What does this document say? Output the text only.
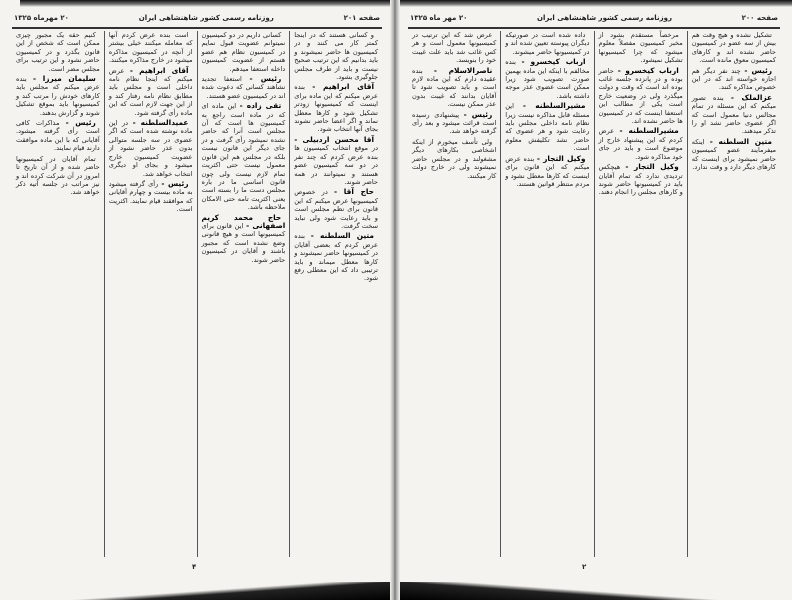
صفحه ۲۰۱
روزنامه رسمی کشور شاهنشاهی ایران
۲۰ مهرماه ۱۳۲۵

و کسانی هستند که در اینجا کمتر کار می کنند و در کمیسیون ها حاضر نمیشوند و باید بدانیم که این ترتیب صحیح نیست و باید از طرف مجلس جلوگیری بشود.

آقای ابراهیم - بنده عرض میکنم که این ماده برای اینست که کمیسیونها زودتر تشکیل شود و کارها معطل نماند و اگر اعضا حاضر نشوند بجای آنها انتخاب شود.

آقا محسن اردبیلی - در موقع انتخاب کمیسیون ها بنده عرض کردم که چند نفر در دو سه کمیسیون عضو هستند و نمیتوانند در همه حاضر شوند.

حاج آقا - در خصوص کمیسیونها عرض میکنم که این قانون برای نظم مجلس است و باید رعایت شود ولی نباید سخت گرفت.

متین السلطنه - بنده عرض کردم که بعضی آقایان در کمیسیونها حاضر نمیشوند و کارها معطل میماند و باید ترتیبی داد که این معطلی رفع شود.

کسانی داریم در دو کمیسیون نمیتوانم عضویت قبول نمایم در کمیسیون نظام هم عضو هستم از عضویت کمیسیون داخله استعفا میدهم.

رئیس - استعفا تجدید نشاهند کسانی که دعوت شده اند در کمیسیون عضو هستند.

تقی زاده - این ماده ای که در ماده است راجع به کمیسیون ها است که آن مجلس است آنرا که حاضر نشده نمیشود رأی گرفت و در جای دیگر این قانون نیست بلکه در مجلس هم این قانون معمول نیست حتی اکثریت تمام لازم نیست ولی چون قانون اساسی ما در باره مجلس دست ما را بسته است یعنی اکثریت تامه حتی الامکان ملاحظه باشد.

حاج محمد کریم اصفهانی - این قانون برای کمیسیونها است و هیچ قانونی وضع نشده است که مجبور باشند و آقایان در کمیسیون حاضر شوند.

است بنده عرض کردم آنها که معامله میکنند خیلی بیشتر از آنچه در کمیسیون مذاکره میشود در خارج مذاکره میکنند.

آقای ابراهیم - عرض میکنم که اینجا نظام نامه داخلی است و مجلس باید مطابق نظام نامه رفتار کند و از این جهت لازم است که این ماده رأی گرفته شود.

عمیدالسلطنه - در این ماده نوشته شده است که اگر عضوی در سه جلسه متوالی بدون عذر حاضر نشود از عضویت کمیسیون خارج میشود و بجای او دیگری انتخاب خواهد شد.

رئیس - رأی گرفته میشود به ماده بیست و چهارم آقایانی که موافقند قیام نمایند. اکثریت است.

کنیم حقه یک مجبور چیزی ممکن است که شخص از این قانون بگذرد و در کمیسیون حاضر نشود و این ترتیب برای مجلس مضر است.

سلیمان میرزا - بنده عرض میکنم که مجلس باید کارهای خودش را مرتب کند و کمیسیونها باید بموقع تشکیل شوند و گزارش بدهند.

رئیس - مذاکرات کافی است رأی گرفته میشود. آقایانی که با این ماده موافقت دارند قیام نمایند.

تمام آقایان در کمیسیونها حاضر شده و از آن تاریخ تا امروز در آن شرکت کرده اند و نیز مراتب در جلسه آتیه ذکر خواهد شد.

۴
صفحه ۲۰۰
روزنامه رسمی کشور شاهنشاهی ایران
۲۰ مهر ماه ۱۳۲۵

تشکیل نشده و هیچ وقت هم بیش از سه عضو در کمیسیون حاضر نشده اند و کارهای کمیسیون معوق مانده است.

رئیس - چند نفر دیگر هم اجازه خواسته اند که در این خصوص مذاکره کنند.

عزالملک - بنده تصور میکنم که این مسئله در تمام مجالس دنیا معمول است که اگر عضوی حاضر نشد او را تذکر میدهند.

متین السلطنه - اینکه میفرمایند عضو کمیسیون حاضر نمیشود برای اینست که کارهای دیگر دارد و وقت ندارد.

مرخصاً مستقدم بشود از مخبر کمیسیون مفصلاً معلوم میشود که چرا کمیسیونها تشکیل نمیشود.

ارباب کیخسرو - حاضر بوده و در پانزده جلسه غائب بوده اند است که وقت و دولت میگذرد ولی در وضعیت خارج است یکی از مطالب این استعفا اینست که در کمیسیون ها حاضر نشده اند.

مشیرالسلطنه - عرض کردم که این پیشنهاد خارج از موضوع است و باید در جای خود مذاکره شود.

وکیل التجار - هیچکس تردیدی ندارد که تمام آقایان باید در کمیسیونها حاضر شوند و کارهای مجلس را انجام دهند.

داده شده است در صورتیکه دیگران پیوسته تعیین شده اند و در کمیسیونها حاضر میشوند.

ارباب کیخسرو - بنده مخالفم با اینکه این ماده بهمین صورت تصویب شود زیرا ممکن است عضوی عذر موجه داشته باشد.

مشیرالسلطنه - این مسئله قابل مذاکره نیست زیرا نظام نامه داخلی مجلس باید رعایت شود و هر عضوی که حاضر نشد تکلیفش معلوم است.

وکیل التجار - بنده عرض میکنم که این قانون برای اینست که کارها معطل نشود و مردم منتظر قوانین هستند.

عرض شد که این ترتیب در کمیسیونها معمول است و هر کس غائب شد باید علت غیبت خود را بنویسد.

ناصرالاسلام - بنده عقیده دارم که این ماده لازم است و باید تصویب شود تا آقایان بدانند که غیبت بدون عذر ممکن نیست.

رئیس - پیشنهادی رسیده است قرائت میشود و بعد رأی گرفته خواهد شد.

ولی تأسف میخورم از اینکه اشخاصی بکارهای دیگر مشغولند و در مجلس حاضر نمیشوند ولی در خارج دولت کار میکنند.

۲
